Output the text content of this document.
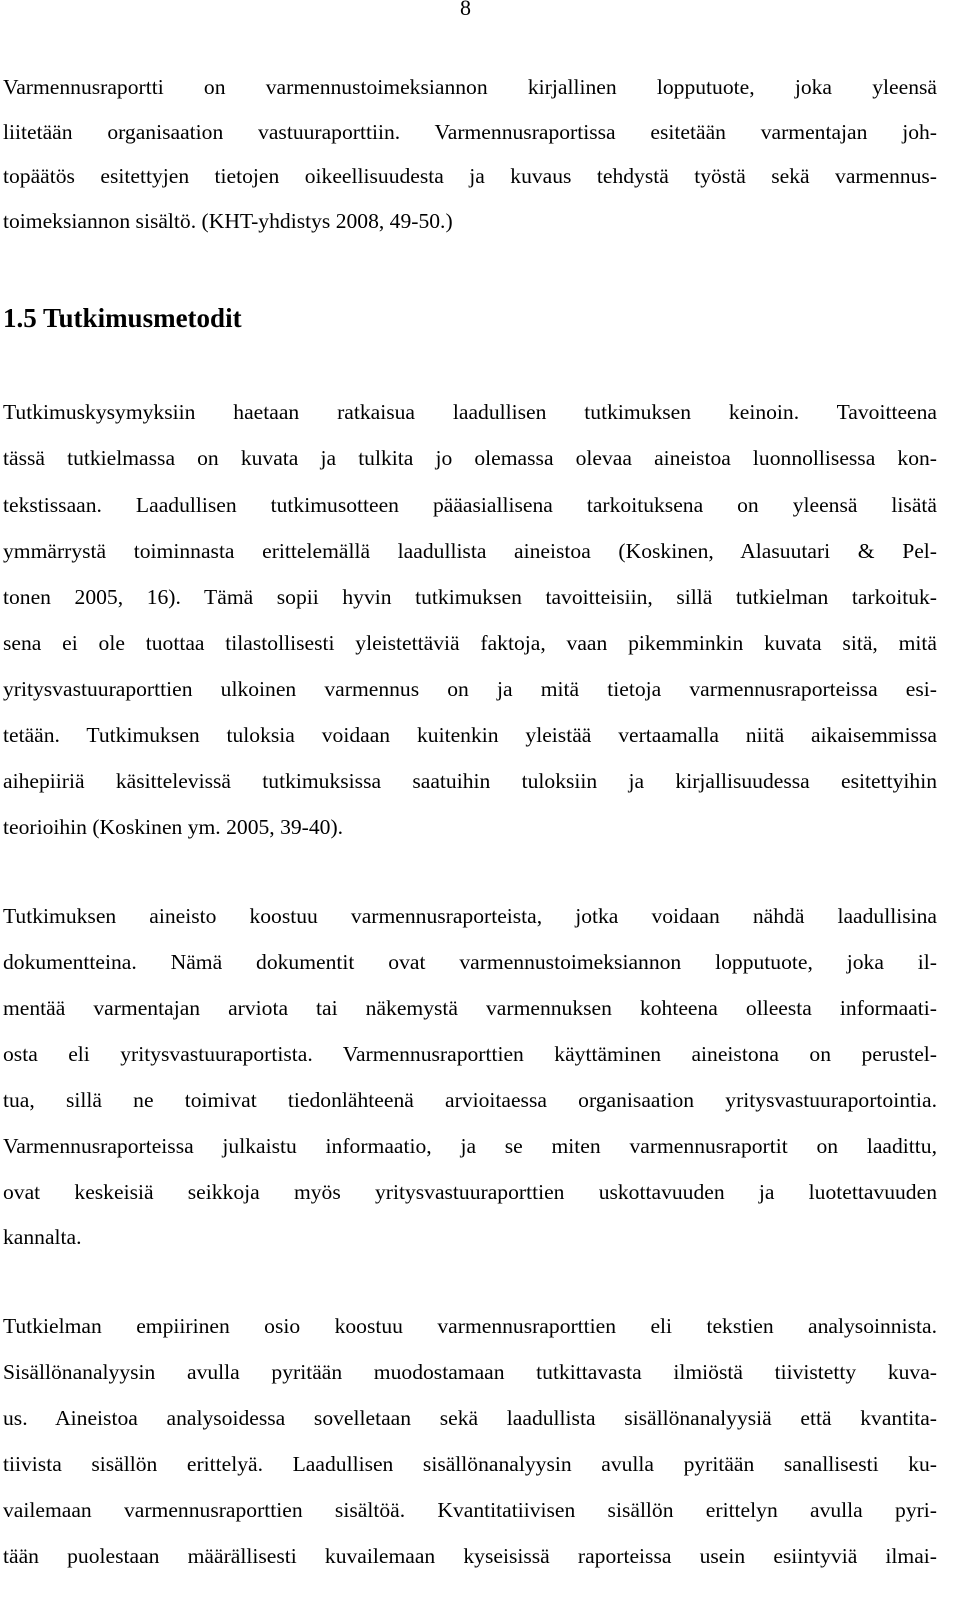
8
Varmennusraportti on varmennustoimeksiannon kirjallinen lopputuote, joka yleensä
liitetään organisaation vastuuraporttiin. Varmennusraportissa esitetään varmentajan joh-
topäätös esitettyjen tietojen oikeellisuudesta ja kuvaus tehdystä työstä sekä varmennus-
toimeksiannon sisältö. (KHT-yhdistys 2008, 49-50.)
1.5 Tutkimusmetodit
Tutkimuskysymyksiin haetaan ratkaisua laadullisen tutkimuksen keinoin. Tavoitteena
tässä tutkielmassa on kuvata ja tulkita jo olemassa olevaa aineistoa luonnollisessa kon-
tekstissaan. Laadullisen tutkimusotteen pääasiallisena tarkoituksena on yleensä lisätä
ymmärrystä toiminnasta erittelemällä laadullista aineistoa (Koskinen, Alasuutari & Pel-
tonen 2005, 16). Tämä sopii hyvin tutkimuksen tavoitteisiin, sillä tutkielman tarkoituk-
sena ei ole tuottaa tilastollisesti yleistettäviä faktoja, vaan pikemminkin kuvata sitä, mitä
yritysvastuuraporttien ulkoinen varmennus on ja mitä tietoja varmennusraporteissa esi-
tetään. Tutkimuksen tuloksia voidaan kuitenkin yleistää vertaamalla niitä aikaisemmissa
aihepiiriä käsittelevissä tutkimuksissa saatuihin tuloksiin ja kirjallisuudessa esitettyihin
teorioihin (Koskinen ym. 2005, 39-40).
Tutkimuksen aineisto koostuu varmennusraporteista, jotka voidaan nähdä laadullisina
dokumentteina. Nämä dokumentit ovat varmennustoimeksiannon lopputuote, joka il-
mentää varmentajan arviota tai näkemystä varmennuksen kohteena olleesta informaati-
osta eli yritysvastuuraportista. Varmennusraporttien käyttäminen aineistona on perustel-
tua, sillä ne toimivat tiedonlähteenä arvioitaessa organisaation yritysvastuuraportointia.
Varmennusraporteissa julkaistu informaatio, ja se miten varmennusraportit on laadittu,
ovat keskeisiä seikkoja myös yritysvastuuraporttien uskottavuuden ja luotettavuuden
kannalta.
Tutkielman empiirinen osio koostuu varmennusraporttien eli tekstien analysoinnista.
Sisällönanalyysin avulla pyritään muodostamaan tutkittavasta ilmiöstä tiivistetty kuva-
us. Aineistoa analysoidessa sovelletaan sekä laadullista sisällönanalyysiä että kvantita-
tiivista sisällön erittelyä. Laadullisen sisällönanalyysin avulla pyritään sanallisesti ku-
vailemaan varmennusraporttien sisältöä. Kvantitatiivisen sisällön erittelyn avulla pyri-
tään puolestaan määrällisesti kuvailemaan kyseisissä raporteissa usein esiintyviä ilmai-
